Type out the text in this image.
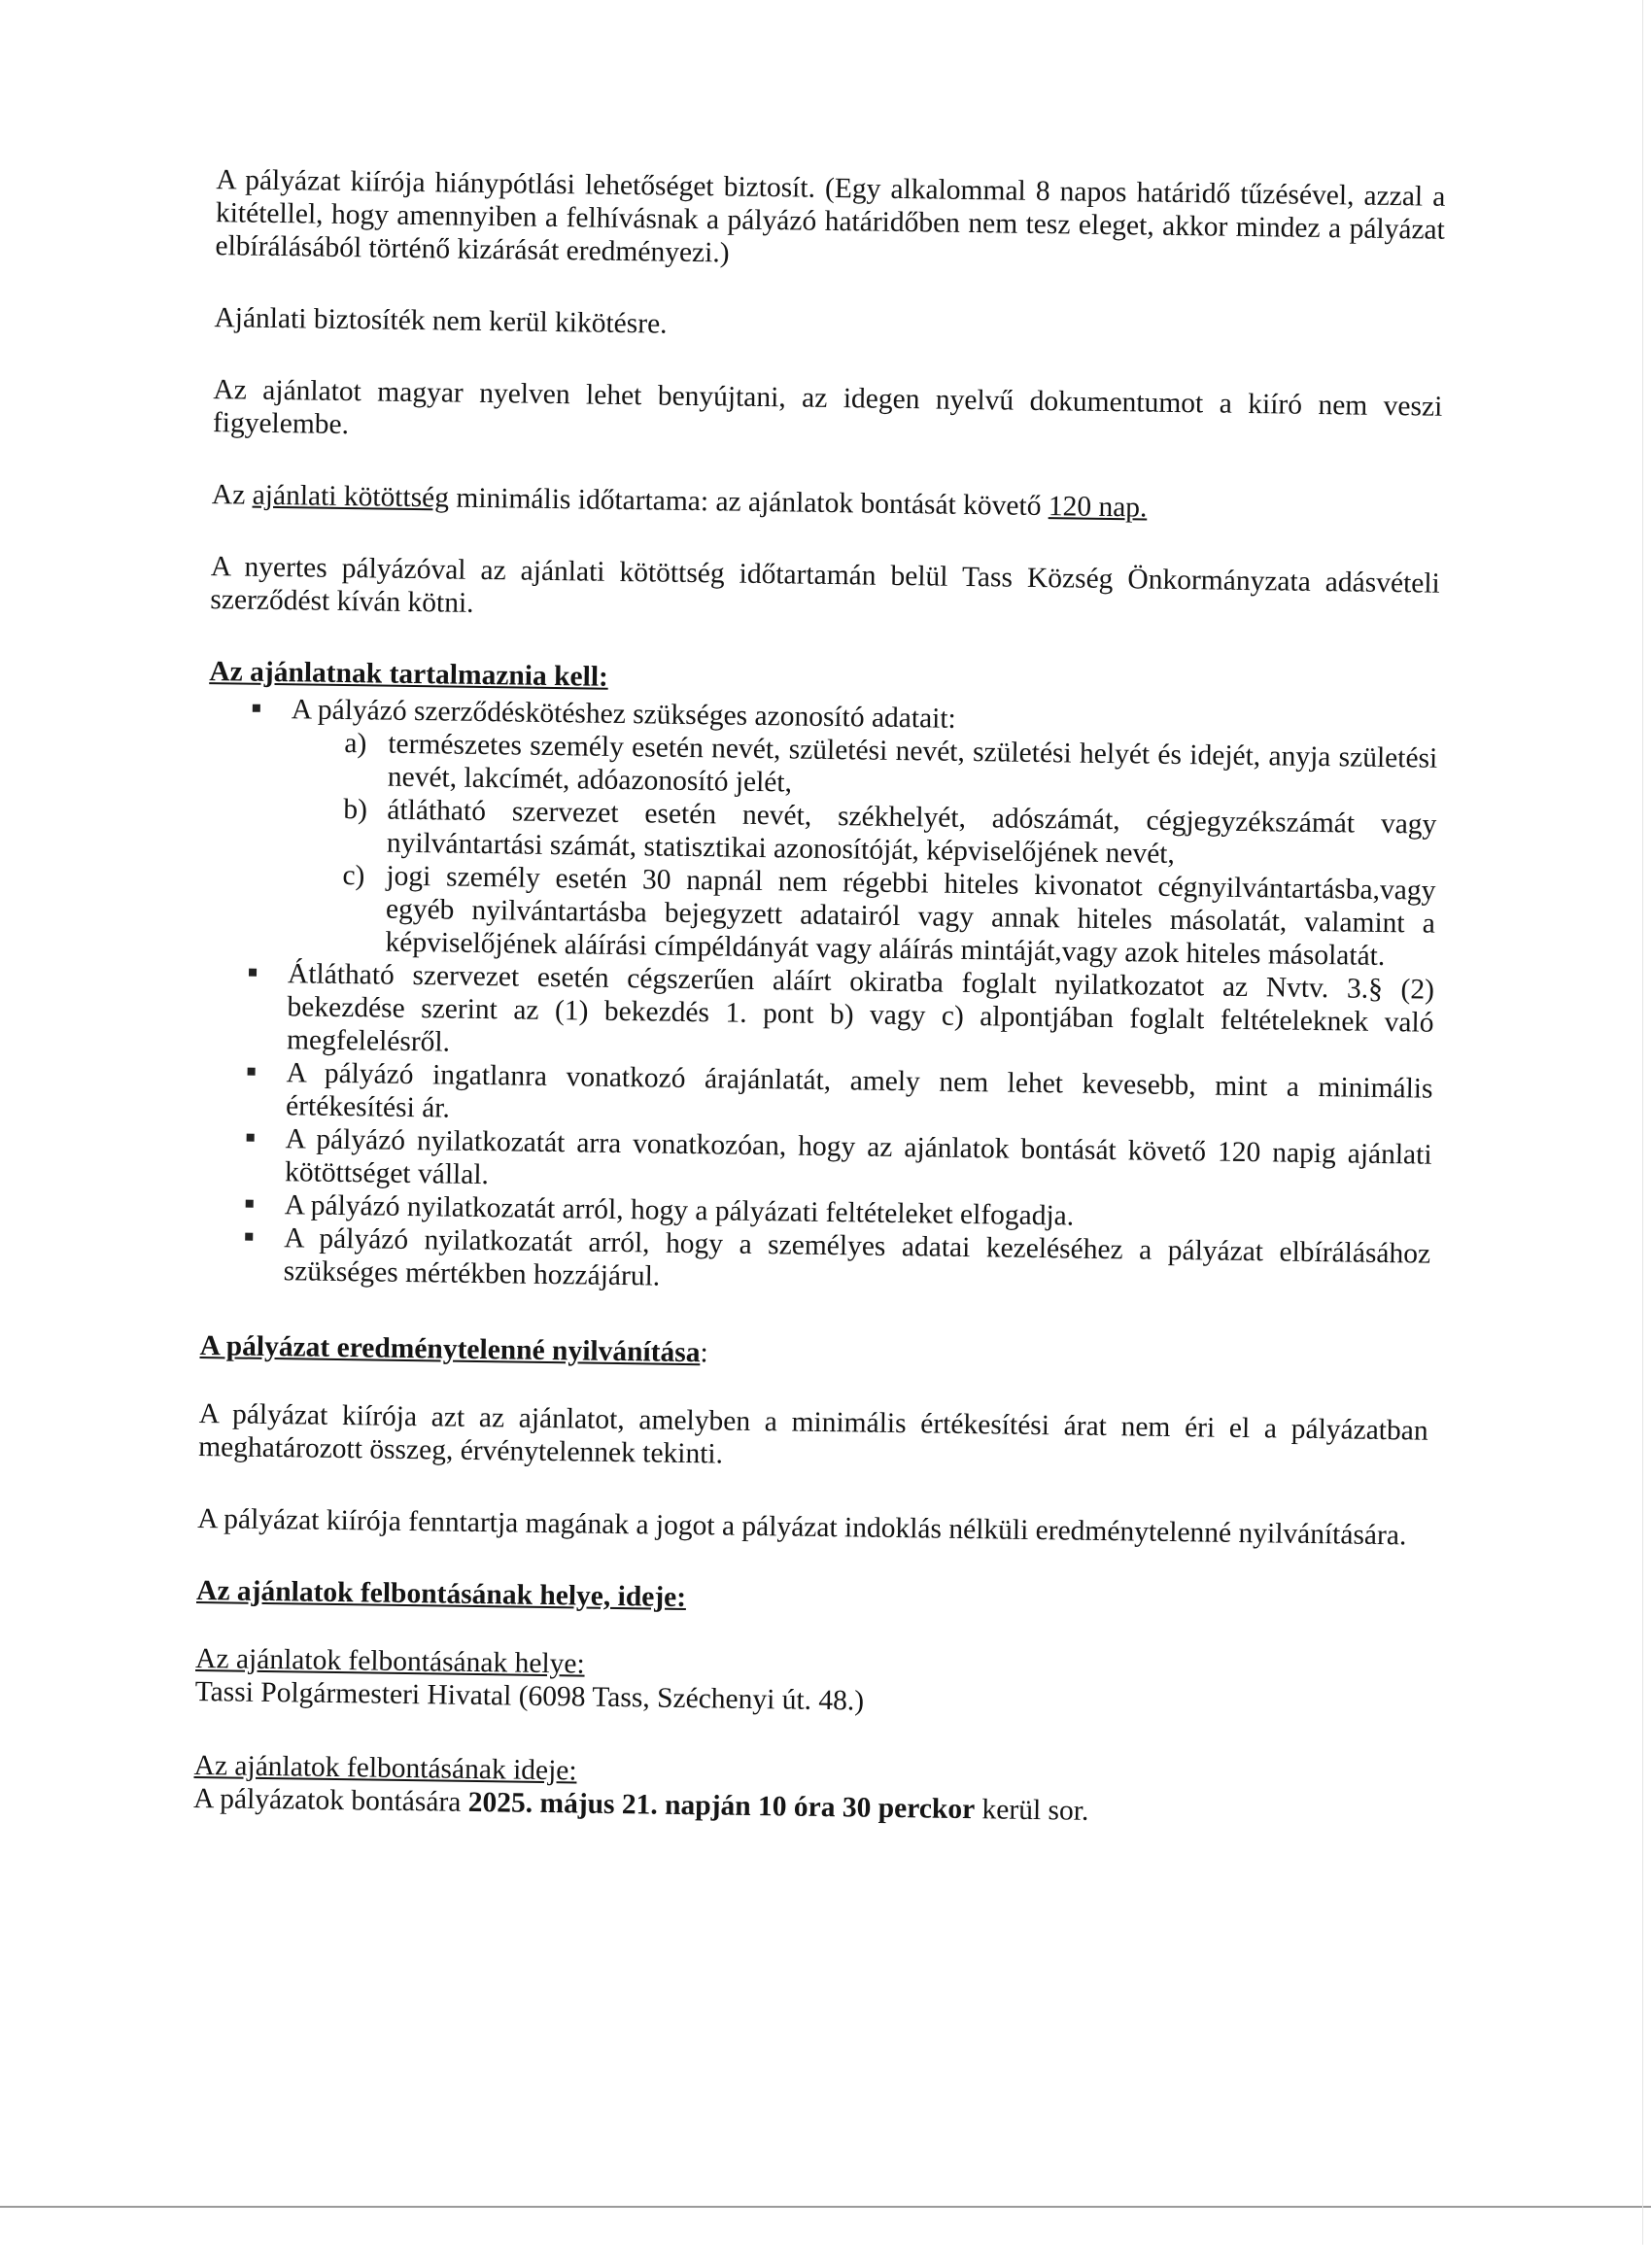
A pályázat kiírója hiánypótlási lehetőséget biztosít. (Egy alkalommal 8 napos határidő tűzésével, azzal a kitétellel, hogy amennyiben a felhívásnak a pályázó határidőben nem tesz eleget, akkor mindez a pályázat elbírálásából történő kizárását eredményezi.)

Ajánlati biztosíték nem kerül kikötésre.

Az ajánlatot magyar nyelven lehet benyújtani, az idegen nyelvű dokumentumot a kiíró nem veszi figyelembe.

Az ajánlati kötöttség minimális időtartama: az ajánlatok bontását követő 120 nap.

A nyertes pályázóval az ajánlati kötöttség időtartamán belül Tass Község Önkormányzata adásvételi szerződést kíván kötni.

Az ajánlatnak tartalmaznia kell:
A pályázó szerződéskötéshez szükséges azonosító adatait:
a) természetes személy esetén nevét, születési nevét, születési helyét és idejét, anyja születési nevét, lakcímét, adóazonosító jelét,
b) átlátható szervezet esetén nevét, székhelyét, adószámát, cégjegyzékszámát vagy nyilvántartási számát, statisztikai azonosítóját, képviselőjének nevét,
c) jogi személy esetén 30 napnál nem régebbi hiteles kivonatot cégnyilvántartásba,vagy egyéb nyilvántartásba bejegyzett adatairól vagy annak hiteles másolatát, valamint a képviselőjének aláírási címpéldányát vagy aláírás mintáját,vagy azok hiteles másolatát.
Átlátható szervezet esetén cégszerűen aláírt okiratba foglalt nyilatkozatot az Nvtv. 3.§ (2) bekezdése szerint az (1) bekezdés 1. pont b) vagy c) alpontjában foglalt feltételeknek való megfelelésről.
A pályázó ingatlanra vonatkozó árajánlatát, amely nem lehet kevesebb, mint a minimális értékesítési ár.
A pályázó nyilatkozatát arra vonatkozóan, hogy az ajánlatok bontását követő 120 napig ajánlati kötöttséget vállal.
A pályázó nyilatkozatát arról, hogy a pályázati feltételeket elfogadja.
A pályázó nyilatkozatát arról, hogy a személyes adatai kezeléséhez a pályázat elbírálásához szükséges mértékben hozzájárul.
A pályázat eredménytelenné nyilvánítása:

A pályázat kiírója azt az ajánlatot, amelyben a minimális értékesítési árat nem éri el a pályázatban meghatározott összeg, érvénytelennek tekinti.

A pályázat kiírója fenntartja magának a jogot a pályázat indoklás nélküli eredménytelenné nyilvánítására.

Az ajánlatok felbontásának helye, ideje:
Az ajánlatok felbontásának helye:
Tassi Polgármesteri Hivatal (6098 Tass, Széchenyi út. 48.)
Az ajánlatok felbontásának ideje:
A pályázatok bontására 2025. május 21. napján 10 óra 30 perckor kerül sor.
